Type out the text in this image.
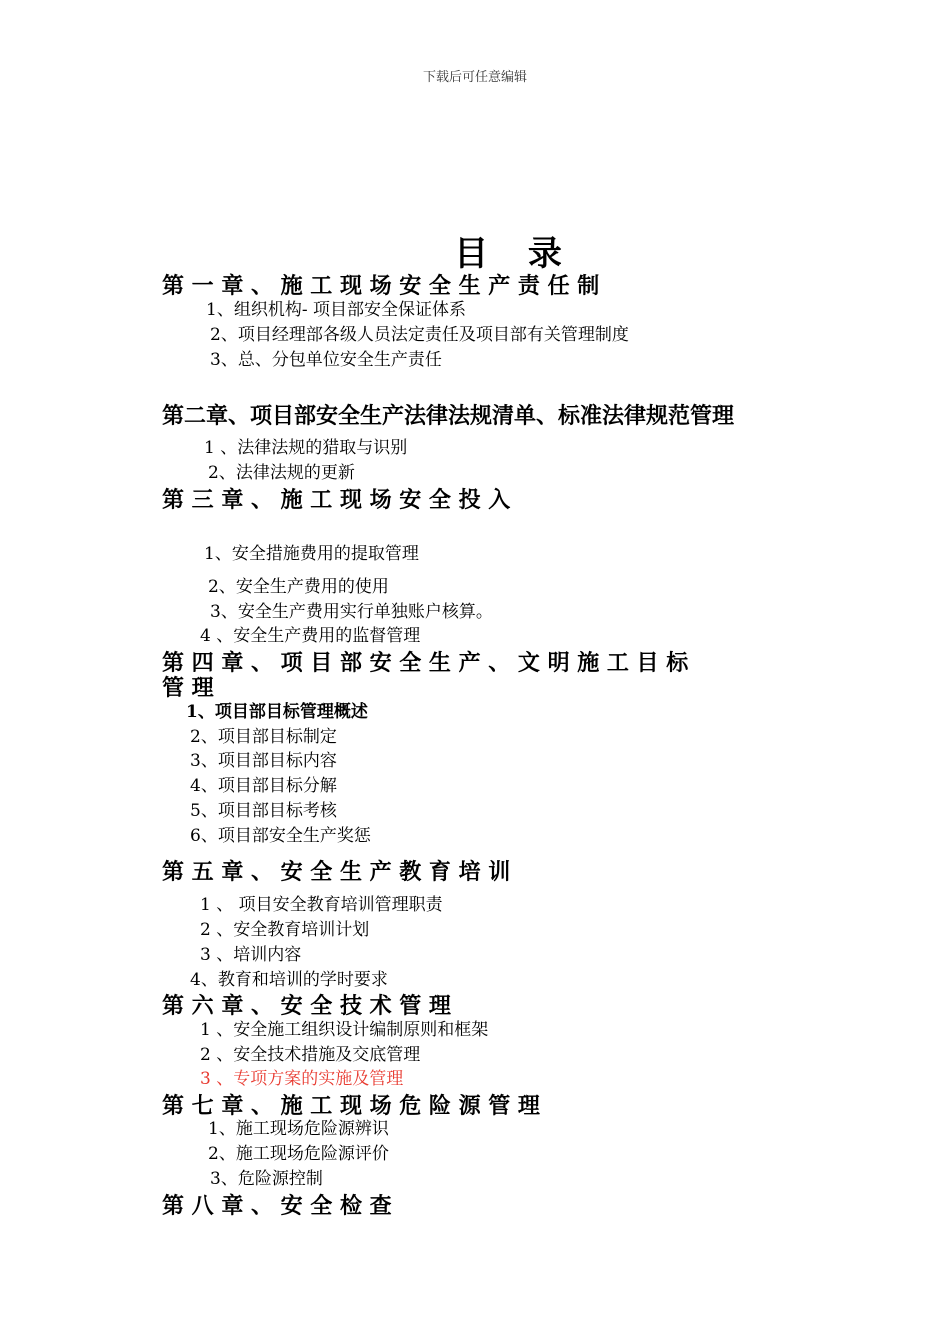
下载后可任意编辑
目 录
第 一 章 、 施 工 现 场 安 全 生 产 责 任 制
1、组织机构- 项目部安全保证体系
2、项目经理部各级人员法定责任及项目部有关管理制度
3、总、分包单位安全生产责任
第二章、项目部安全生产法律法规清单、标准法律规范管理
1 、法律法规的猎取与识别
2、法律法规的更新
第 三 章 、 施 工 现 场 安 全 投 入
1、安全措施费用的提取管理
2、安全生产费用的使用
3、安全生产费用实行单独账户核算。
4 、安全生产费用的监督管理
第 四 章 、 项 目 部 安 全 生 产 、 文 明 施 工 目 标
管 理
1、项目部目标管理概述
2、项目部目标制定
3、项目部目标内容
4、项目部目标分解
5、项目部目标考核
6、项目部安全生产奖惩
第 五 章 、 安 全 生 产 教 育 培 训
1 、 项目安全教育培训管理职责
2 、安全教育培训计划
3 、培训内容
4、教育和培训的学时要求
第 六 章 、 安 全 技 术 管 理
1 、安全施工组织设计编制原则和框架
2 、安全技术措施及交底管理
3 、专项方案的实施及管理
第 七 章 、 施 工 现 场 危 险 源 管 理
1、施工现场危险源辨识
2、施工现场危险源评价
3、危险源控制
第 八 章 、 安 全 检 查
